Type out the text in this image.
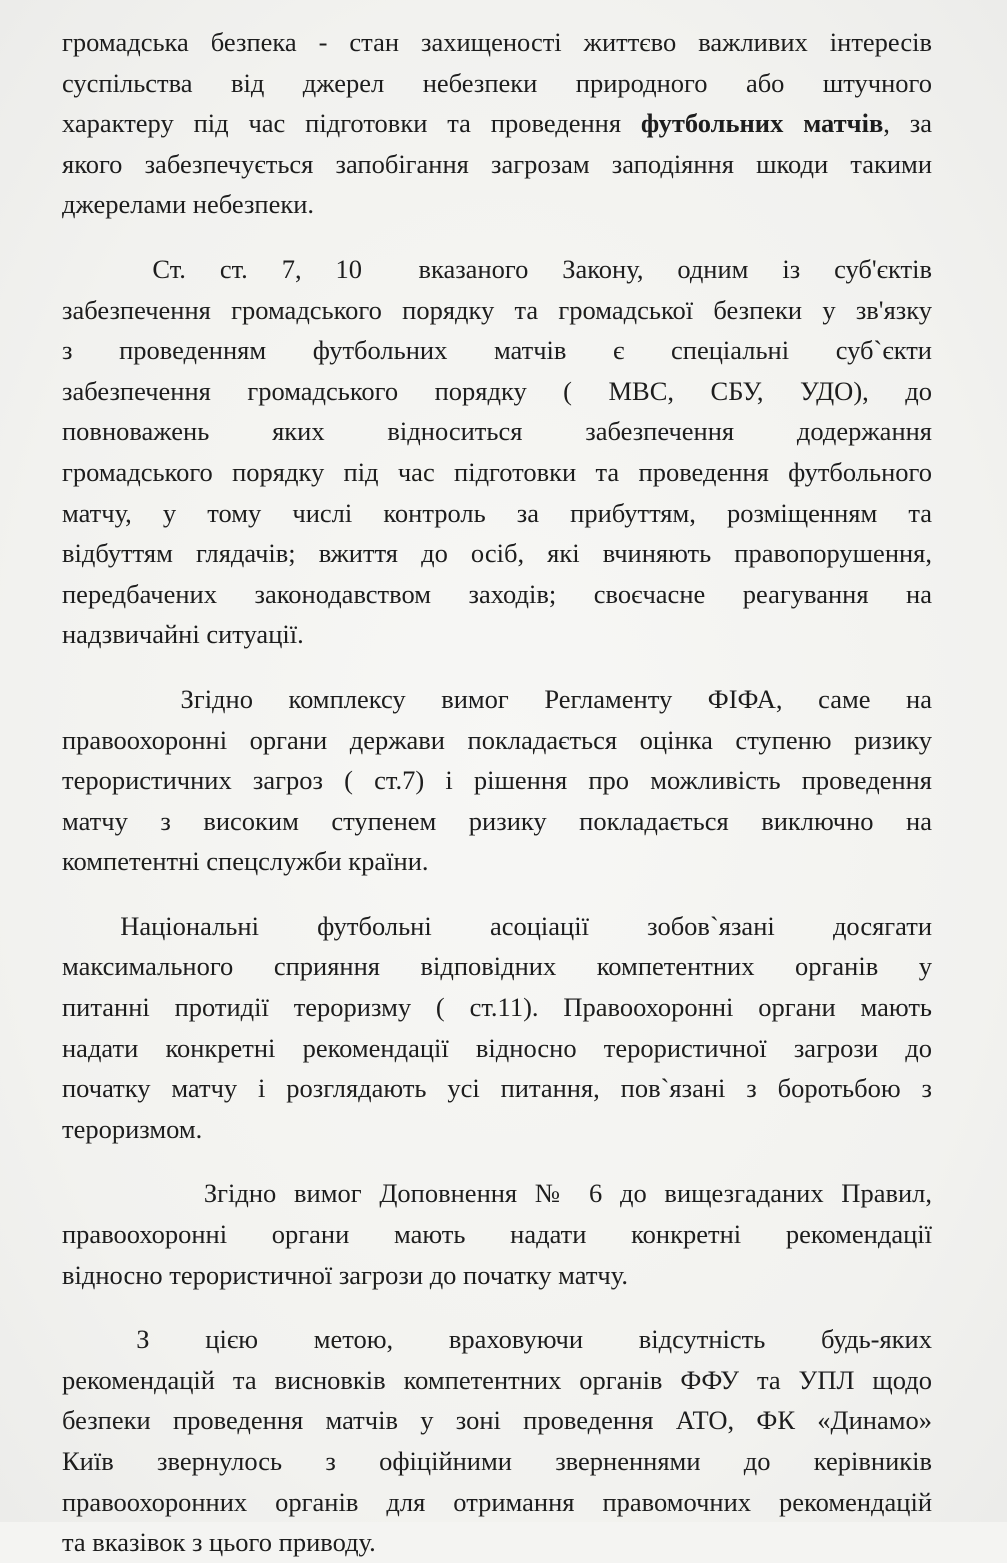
громадська безпека - стан захищеності життєво важливих інтересів
суспільства від джерел небезпеки природного або штучного
характеру під час підготовки та проведення футбольних матчів, за
якого забезпечується запобігання загрозам заподіяння шкоди такими
джерелами небезпеки.

Ст.   ст.   7,   10     вказаного   Закону,   одним   із   суб'єктів
забезпечення громадського порядку та громадської безпеки у зв'язку
з проведенням футбольних матчів є спеціальні суб`єкти
забезпечення громадського порядку ( МВС, СБУ, УДО), до
повноважень яких відноситься забезпечення додержання
громадського порядку під час підготовки та проведення футбольного
матчу, у тому числі контроль за прибуттям, розміщенням та
відбуттям глядачів; вжиття до осіб, які вчиняють правопорушення,
передбачених законодавством заходів; своєчасне реагування на
надзвичайні ситуації.

Згідно   комплексу   вимог   Регламенту   ФІФА,   саме   на
правоохоронні органи держави покладається оцінка ступеню ризику
терористичних загроз ( ст.7) і рішення про можливість проведення
матчу з високим ступенем ризику покладається виключно на
компетентні спецслужби країни.

Національні      футбольні      асоціації      зобов`язані      досягати
максимального сприяння відповідних компетентних органів у
питанні протидії тероризму ( ст.11). Правоохоронні органи мають
надати конкретні рекомендації відносно терористичної загрози до
початку матчу і розглядають усі питання, пов`язані з боротьбою з
тероризмом.

Згідно вимог Доповнення № 6 до вищезгаданих Правил,
правоохоронні органи мають надати конкретні рекомендації
відносно терористичної загрози до початку матчу.

З      цією      метою,      враховуючи      відсутність      будь-яких
рекомендацій та висновків компетентних органів ФФУ та УПЛ щодо
безпеки проведення матчів у зоні проведення АТО, ФК «Динамо»
Київ звернулось з офіційними зверненнями до керівників
правоохоронних органів для отримання правомочних рекомендацій
та вказівок з цього приводу.
